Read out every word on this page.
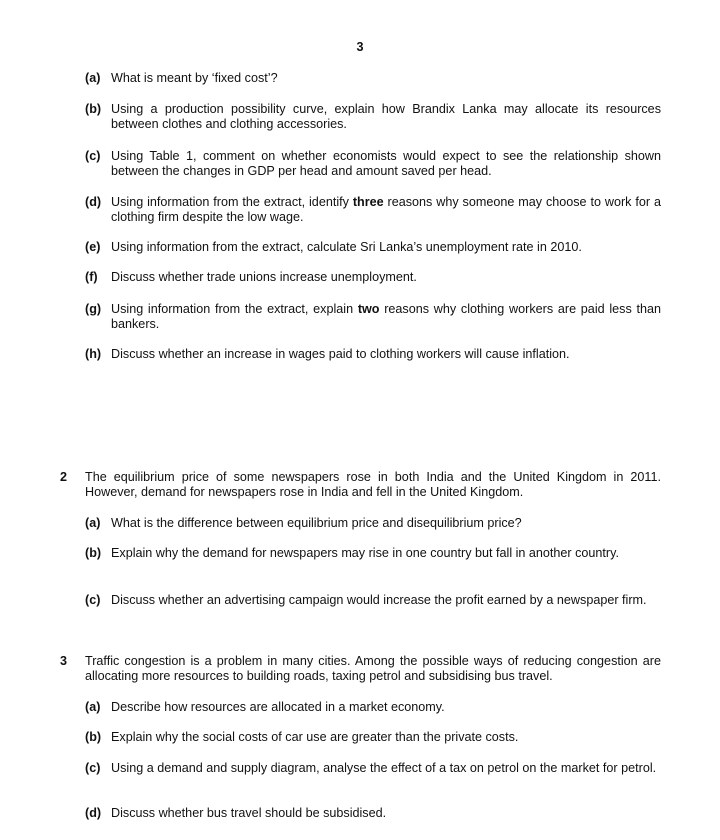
3
(a) What is meant by ‘fixed cost’?
(b) Using a production possibility curve, explain how Brandix Lanka may allocate its resources between clothes and clothing accessories.
(c) Using Table 1, comment on whether economists would expect to see the relationship shown between the changes in GDP per head and amount saved per head.
(d) Using information from the extract, identify three reasons why someone may choose to work for a clothing firm despite the low wage.
(e) Using information from the extract, calculate Sri Lanka’s unemployment rate in 2010.
(f) Discuss whether trade unions increase unemployment.
(g) Using information from the extract, explain two reasons why clothing workers are paid less than bankers.
(h) Discuss whether an increase in wages paid to clothing workers will cause inflation.
2 The equilibrium price of some newspapers rose in both India and the United Kingdom in 2011. However, demand for newspapers rose in India and fell in the United Kingdom.
(a) What is the difference between equilibrium price and disequilibrium price?
(b) Explain why the demand for newspapers may rise in one country but fall in another country.
(c) Discuss whether an advertising campaign would increase the profit earned by a newspaper firm.
3 Traffic congestion is a problem in many cities. Among the possible ways of reducing congestion are allocating more resources to building roads, taxing petrol and subsidising bus travel.
(a) Describe how resources are allocated in a market economy.
(b) Explain why the social costs of car use are greater than the private costs.
(c) Using a demand and supply diagram, analyse the effect of a tax on petrol on the market for petrol.
(d) Discuss whether bus travel should be subsidised.
